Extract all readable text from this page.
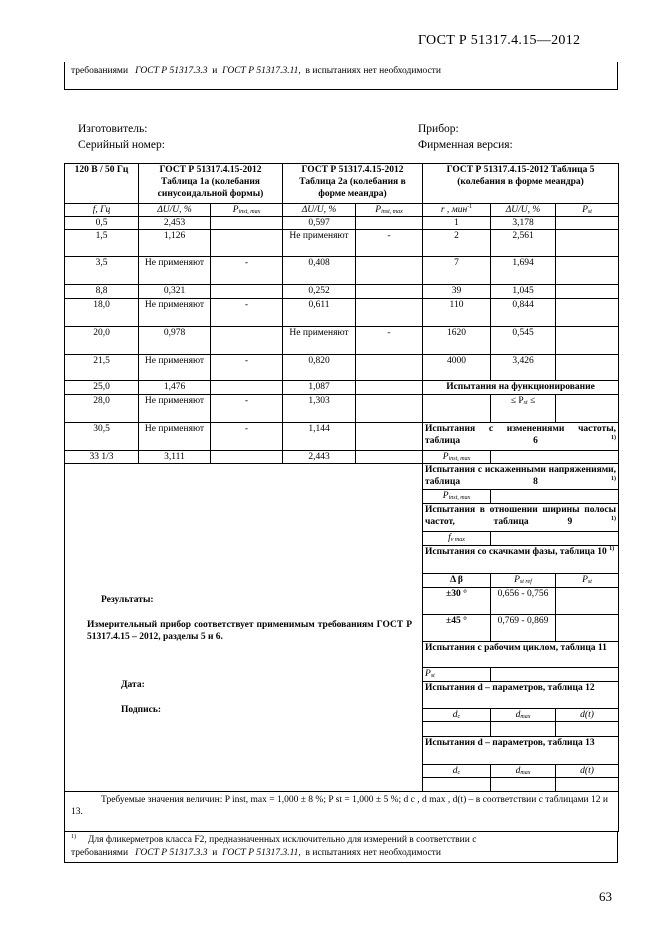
ГОСТ Р 51317.4.15—2012
требованиями ГОСТ Р 51317.3.3 и ГОСТ Р 51317.3.11, в испытаниях нет необходимости
Изготовитель:
Серийный номер:
Прибор:
Фирменная версия:
120 В / 50 Гц	ГОСТ Р 51317.4.15-2012 Таблица 1а (колебания синусоидальной формы)		ГОСТ Р 51317.4.15-2012 Таблица 2а (колебания в форме меандра)		ГОСТ Р 51317.4.15-2012 Таблица 5 (колебания в форме меандра)		
f, Гц	ΔU/U, %	$P_{inst, max}$	ΔU/U, %	$P_{inst, max}$	r , мин$^{-1}$	ΔU/U, %	$P_{st}$
0,5	2,453		0,597		1	3,178	
1,5	1,126		Не применяют	-	2	2,561	
3,5	Не применяют	-	0,408		7	1,694	
8,8	0,321		0,252		39	1,045	
18,0	Не применяют	-	0,611		110	0,844	
20,0	0,978		Не применяют	-	1620	0,545	
21,5	Не применяют	-	0,820		4000	3,426	
25,0	1,476		1,087		Испытания на функционирование		
28,0	Не применяют	-	1,303			≤ $P_{st}$ ≤	
30,5	Не применяют	-	1,144		Испытания с изменениями частоты, таблица 6 $^{1)}$
33 1/3	3,111		2,443		$P_{inst, max}$	

Результаты:
Измерительный прибор соответствует применимым требованиям ГОСТ Р 51317.4.15 – 2012, разделы 5 и 6.
Дата:
Подпись:					Испытания с искаженными напряжениями, таблица 8 $^{1)}$
					$P_{inst, max}$	
					Испытания в отношении ширины полосы частот, таблица 9 $^{1)}$
					$f_{v max}$	
					Испытания со скачками фазы, таблица 10 $^{1)}$
					Δ β	$P_{st ref}$	$P_{st}$
					±30 °	0,656 - 0,756	
					±45 °	0,769 - 0,869	
					Испытания с рабочим циклом, таблица 11		
					$P_{st}$	
					Испытания d – параметров, таблица 12		
					$d_c$	$d_{max}$	d(t)

					Испытания d – параметров, таблица 13		
					$d_c$	$d_{max}$	d(t)

Требуемые значения величин: P inst, max = 1,000 ± 8 %; P st = 1,000 ± 5 %; d c , d max , d(t) – в соответствии с таблицами 12 и 13.							
$^{1)}$ Для фликерметров класса F2, предназначенных исключительно для измерений в соответствии с
требованиями ГОСТ Р 51317.3.3 и ГОСТ Р 51317.3.11, в испытаниях нет необходимости
63
